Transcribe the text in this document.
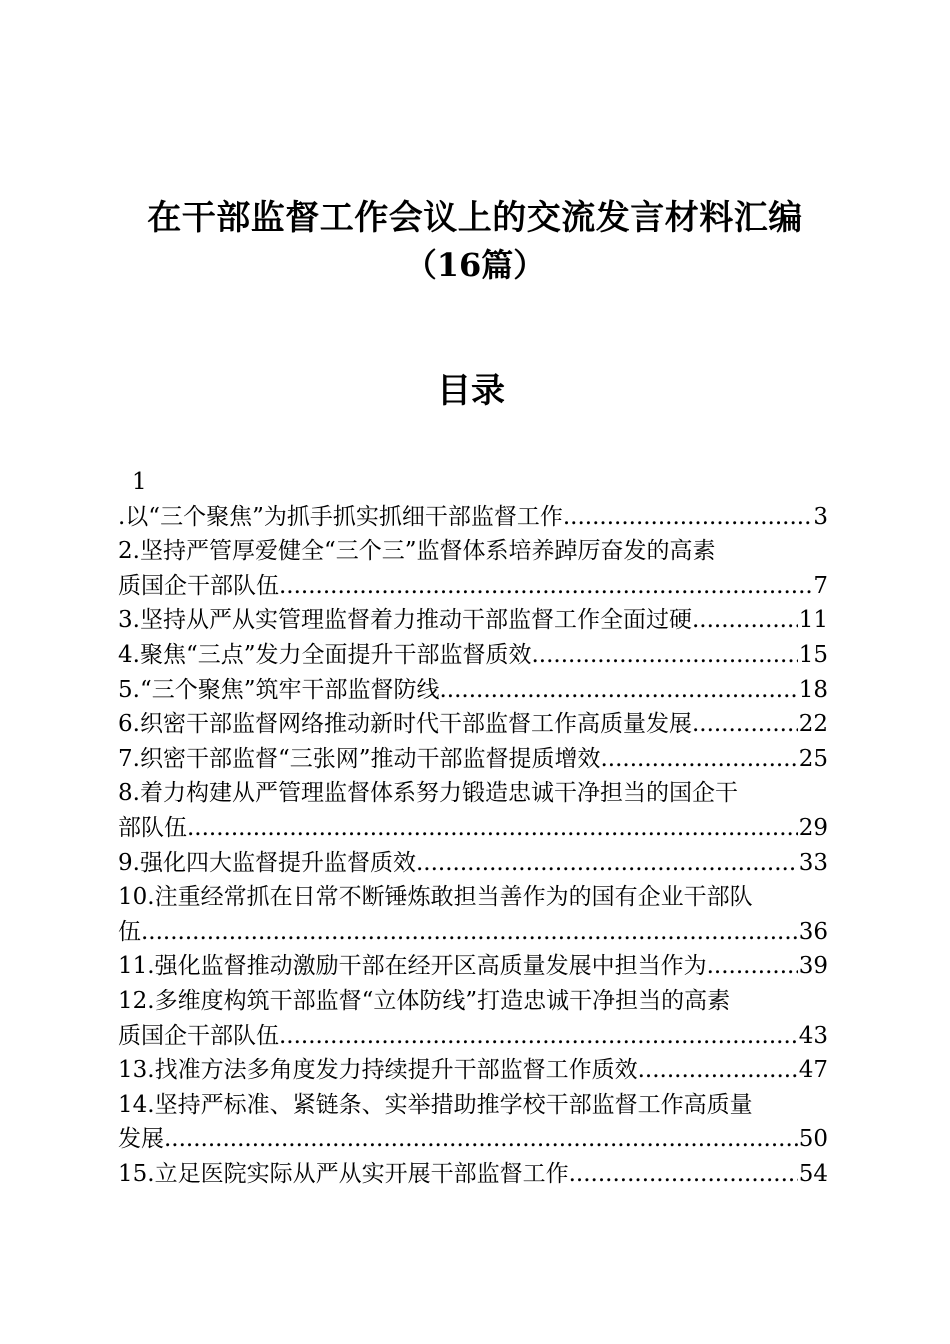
在干部监督工作会议上的交流发言材料汇编
（16篇）
目录
1
.以“三个聚焦”为抓手抓实抓细干部监督工作 .....	3
2.坚持严管厚爱健全“三个三”监督体系培养踔厉奋发的高素
质国企干部队伍 .....	7
3.坚持从严从实管理监督着力推动干部监督工作全面过硬 .....	11
4.聚焦“三点”发力全面提升干部监督质效 .....	15
5.“三个聚焦”筑牢干部监督防线 .....	18
6.织密干部监督网络推动新时代干部监督工作高质量发展 .....	22
7.织密干部监督“三张网”推动干部监督提质增效 .....	25
8.着力构建从严管理监督体系努力锻造忠诚干净担当的国企干
部队伍 .....	29
9.强化四大监督提升监督质效 .....	33
10.注重经常抓在日常不断锤炼敢担当善作为的国有企业干部队
伍 .....	36
11.强化监督推动激励干部在经开区高质量发展中担当作为 .....	39
12.多维度构筑干部监督“立体防线”打造忠诚干净担当的高素
质国企干部队伍 .....	43
13.找准方法多角度发力持续提升干部监督工作质效 .....	47
14.坚持严标准、紧链条、实举措助推学校干部监督工作高质量
发展 .....	50
15.立足医院实际从严从实开展干部监督工作 .....	54
